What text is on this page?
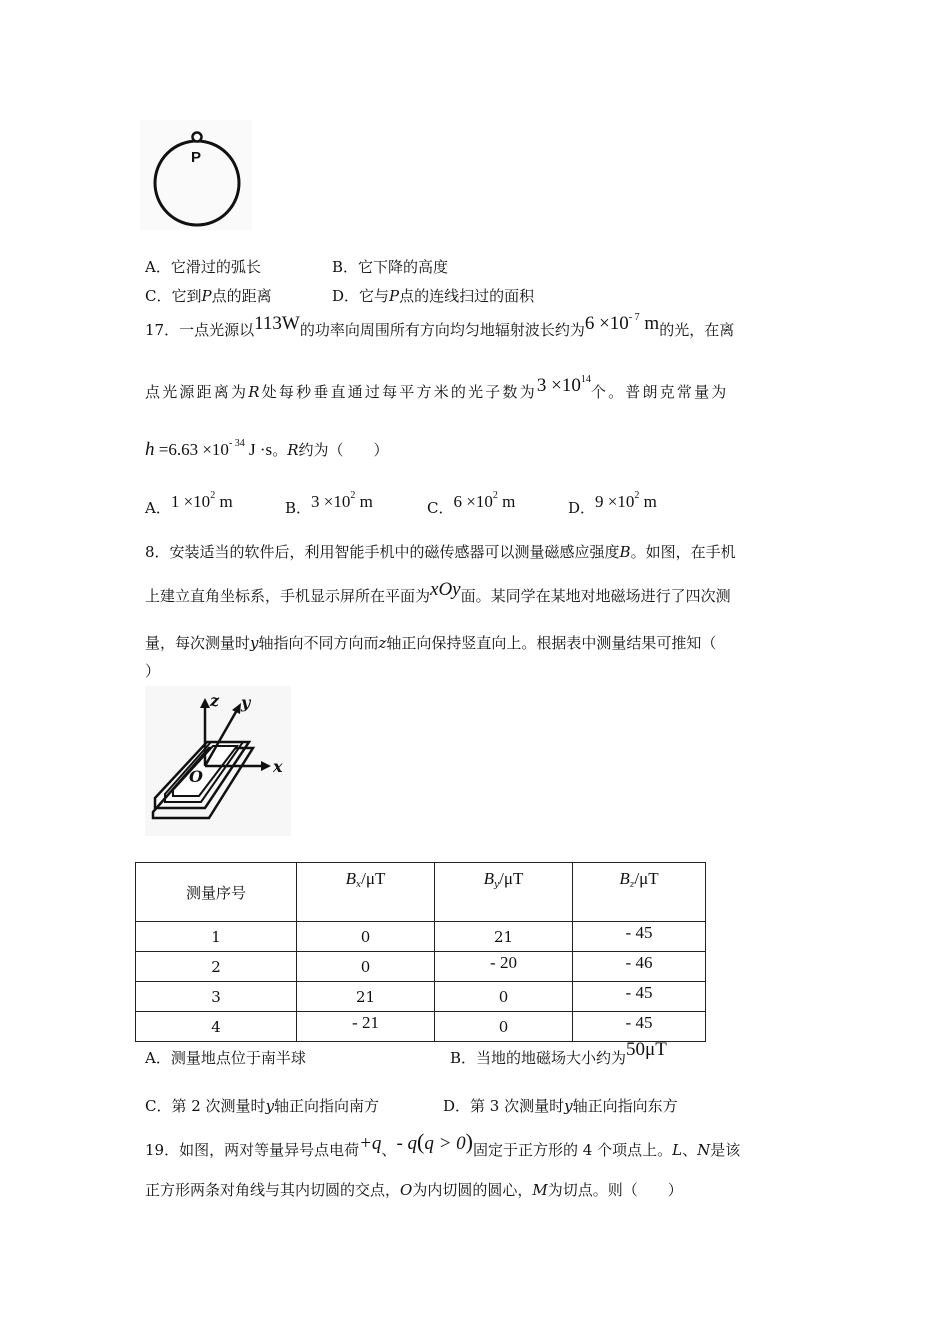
P
A．它滑过的弧长	B．它下降的高度
C．它到P点的距离	D．它与P点的连线扫过的面积
17．一点光源以113W的功率向周围所有方向均匀地辐射波长约为$6 \times 10^{- 7}$ m的光，在离
点光源距离为R处每秒垂直通过每平方米的光子数为$3 \times 10^{14}$个。普朗克常量为
$h =6.63 \times 10^{- 34}$ J ·s。R约为（　　）
A．$1 \times 10^2$ m	B．$3 \times 10^2$ m	C．$6 \times 10^2$ m	D．$9 \times 10^2$ m
8．安装适当的软件后，利用智能手机中的磁传感器可以测量磁感应强度B。如图，在手机
上建立直角坐标系，手机显示屏所在平面为xOy面。某同学在某地对地磁场进行了四次测
量，每次测量时y轴指向不同方向而z轴正向保持竖直向上。根据表中测量结果可推知（
）
z y
x
O
测量序号	$B_x/\mu T$	$B_y/\mu T$	$B_z/\mu T$
1	0	21	- 45
2	0	- 20	- 46
3	21	0	- 45
4	- 21	0	- 45
A．测量地点位于南半球	B．当地的地磁场大小约为50μT
C．第 2 次测量时y轴正向指向南方	D．第 3 次测量时y轴正向指向东方
19．如图，两对等量异号点电荷+q、- q(q > 0)固定于正方形的 4 个项点上。L、N是该
正方形两条对角线与其内切圆的交点，O为内切圆的圆心，M为切点。则（　　）
